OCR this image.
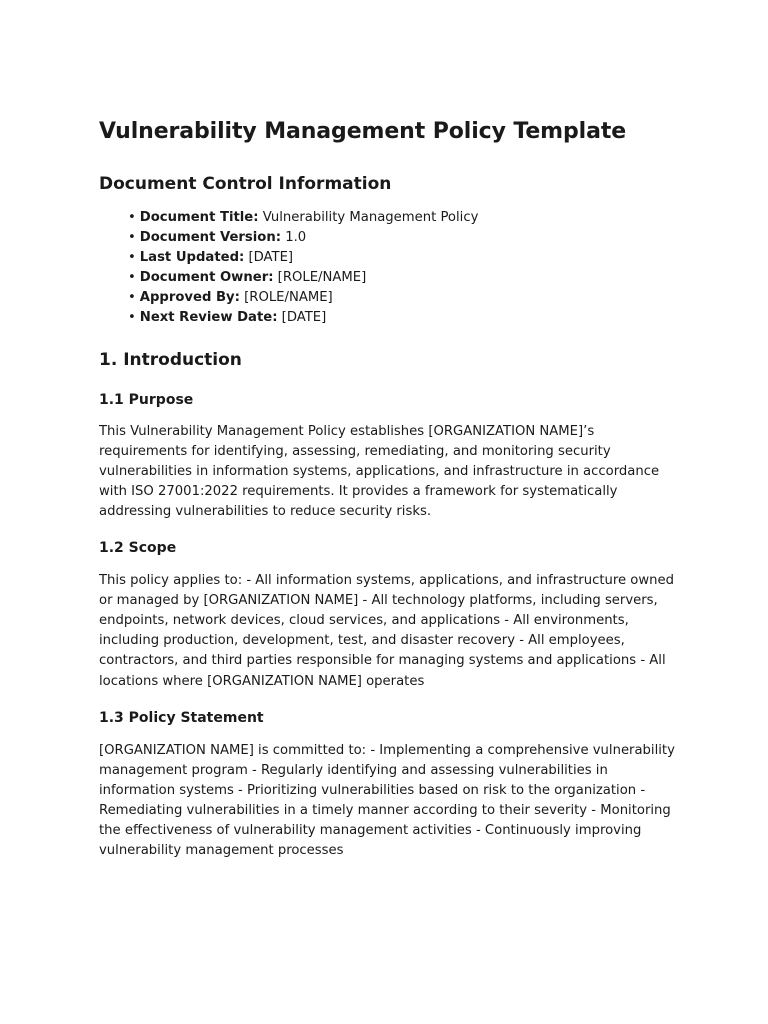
Vulnerability Management Policy Template
Document Control Information
• Document Title: Vulnerability Management Policy
• Document Version: 1.0
• Last Updated: [DATE]
• Document Owner: [ROLE/NAME]
• Approved By: [ROLE/NAME]
• Next Review Date: [DATE]
1. Introduction
1.1 Purpose

This Vulnerability Management Policy establishes [ORGANIZATION NAME]’s requirements for identifying, assessing, remediating, and monitoring security vulnerabilities in information systems, applications, and infrastructure in accordance with ISO 27001:2022 requirements. It provides a framework for systematically addressing vulnerabilities to reduce security risks.

1.2 Scope

This policy applies to: - All information systems, applications, and infrastructure owned or managed by [ORGANIZATION NAME] - All technology platforms, including servers, endpoints, network devices, cloud services, and applications - All environments, including production, development, test, and disaster recovery - All employees, contractors, and third parties responsible for managing systems and applications - All locations where [ORGANIZATION NAME] operates

1.3 Policy Statement

[ORGANIZATION NAME] is committed to: - Implementing a comprehensive vulnerability management program - Regularly identifying and assessing vulnerabilities in information systems - Prioritizing vulnerabilities based on risk to the organization - Remediating vulnerabilities in a timely manner according to their severity - Monitoring the effectiveness of vulnerability management activities - Continuously improving vulnerability management processes
